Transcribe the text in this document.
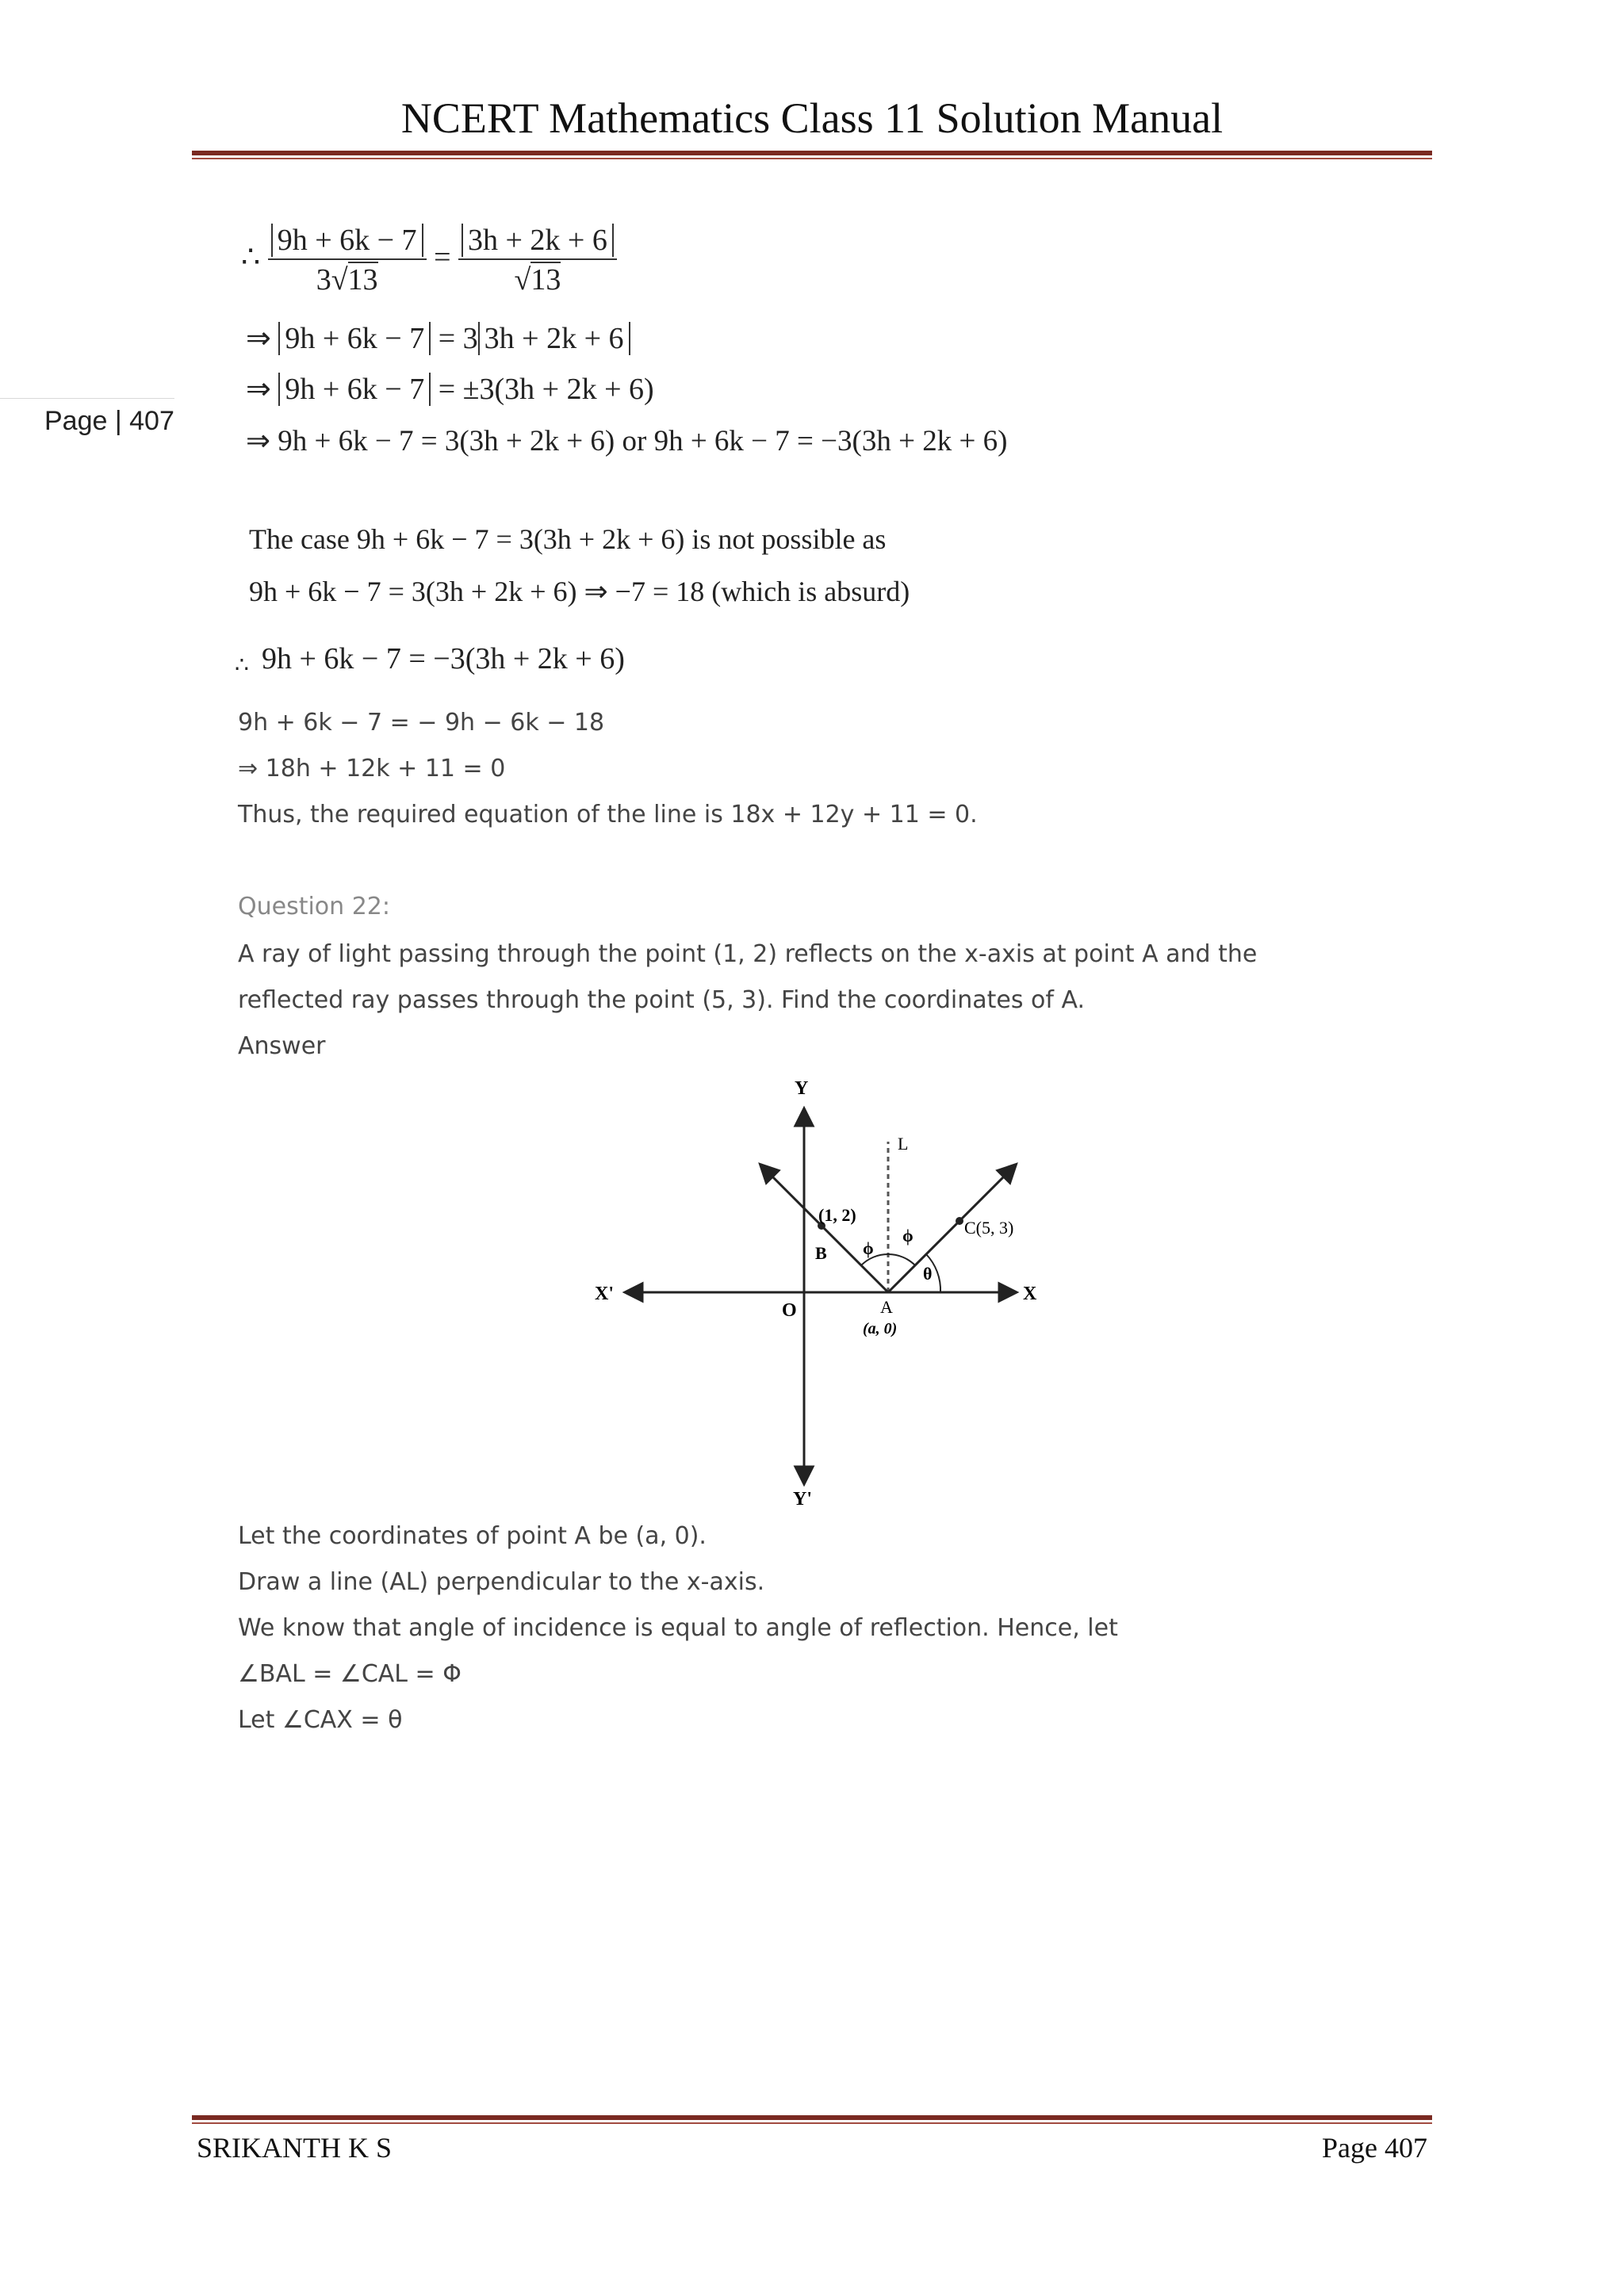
NCERT Mathematics Class 11 Solution Manual
Page | 407
∴ $\frac{9h + 6k - 7}{3√13} = \frac{3h + 2k + 6}{√13}$
⇒ 9h + 6k − 7 = 3 3h + 2k + 6
⇒ 9h + 6k − 7 = ±3(3h + 2k + 6)
⇒ 9h + 6k − 7 = 3(3h + 2k + 6) or 9h + 6k − 7 = −3(3h + 2k + 6)
The case 9h + 6k − 7 = 3(3h + 2k + 6) is not possible as
9h + 6k − 7 = 3(3h + 2k + 6) ⇒ −7 = 18 (which is absurd)
∴ 9h + 6k − 7 = −3(3h + 2k + 6)
9h + 6k − 7 = − 9h − 6k − 18
⇒ 18h + 12k + 11 = 0
Thus, the required equation of the line is 18x + 12y + 11 = 0.
Question 22:
A ray of light passing through the point (1, 2) reflects on the x-axis at point A and the
reflected ray passes through the point (5, 3). Find the coordinates of A.
Answer
Y
Y'
X
X'
O
L
(1, 2)
B
C(5, 3)
ϕ
ϕ
θ
A
(a, 0)
Let the coordinates of point A be (a, 0).
Draw a line (AL) perpendicular to the x-axis.
We know that angle of incidence is equal to angle of reflection. Hence, let
∠BAL = ∠CAL = Φ
Let ∠CAX = θ
SRIKANTH K S	Page 407
